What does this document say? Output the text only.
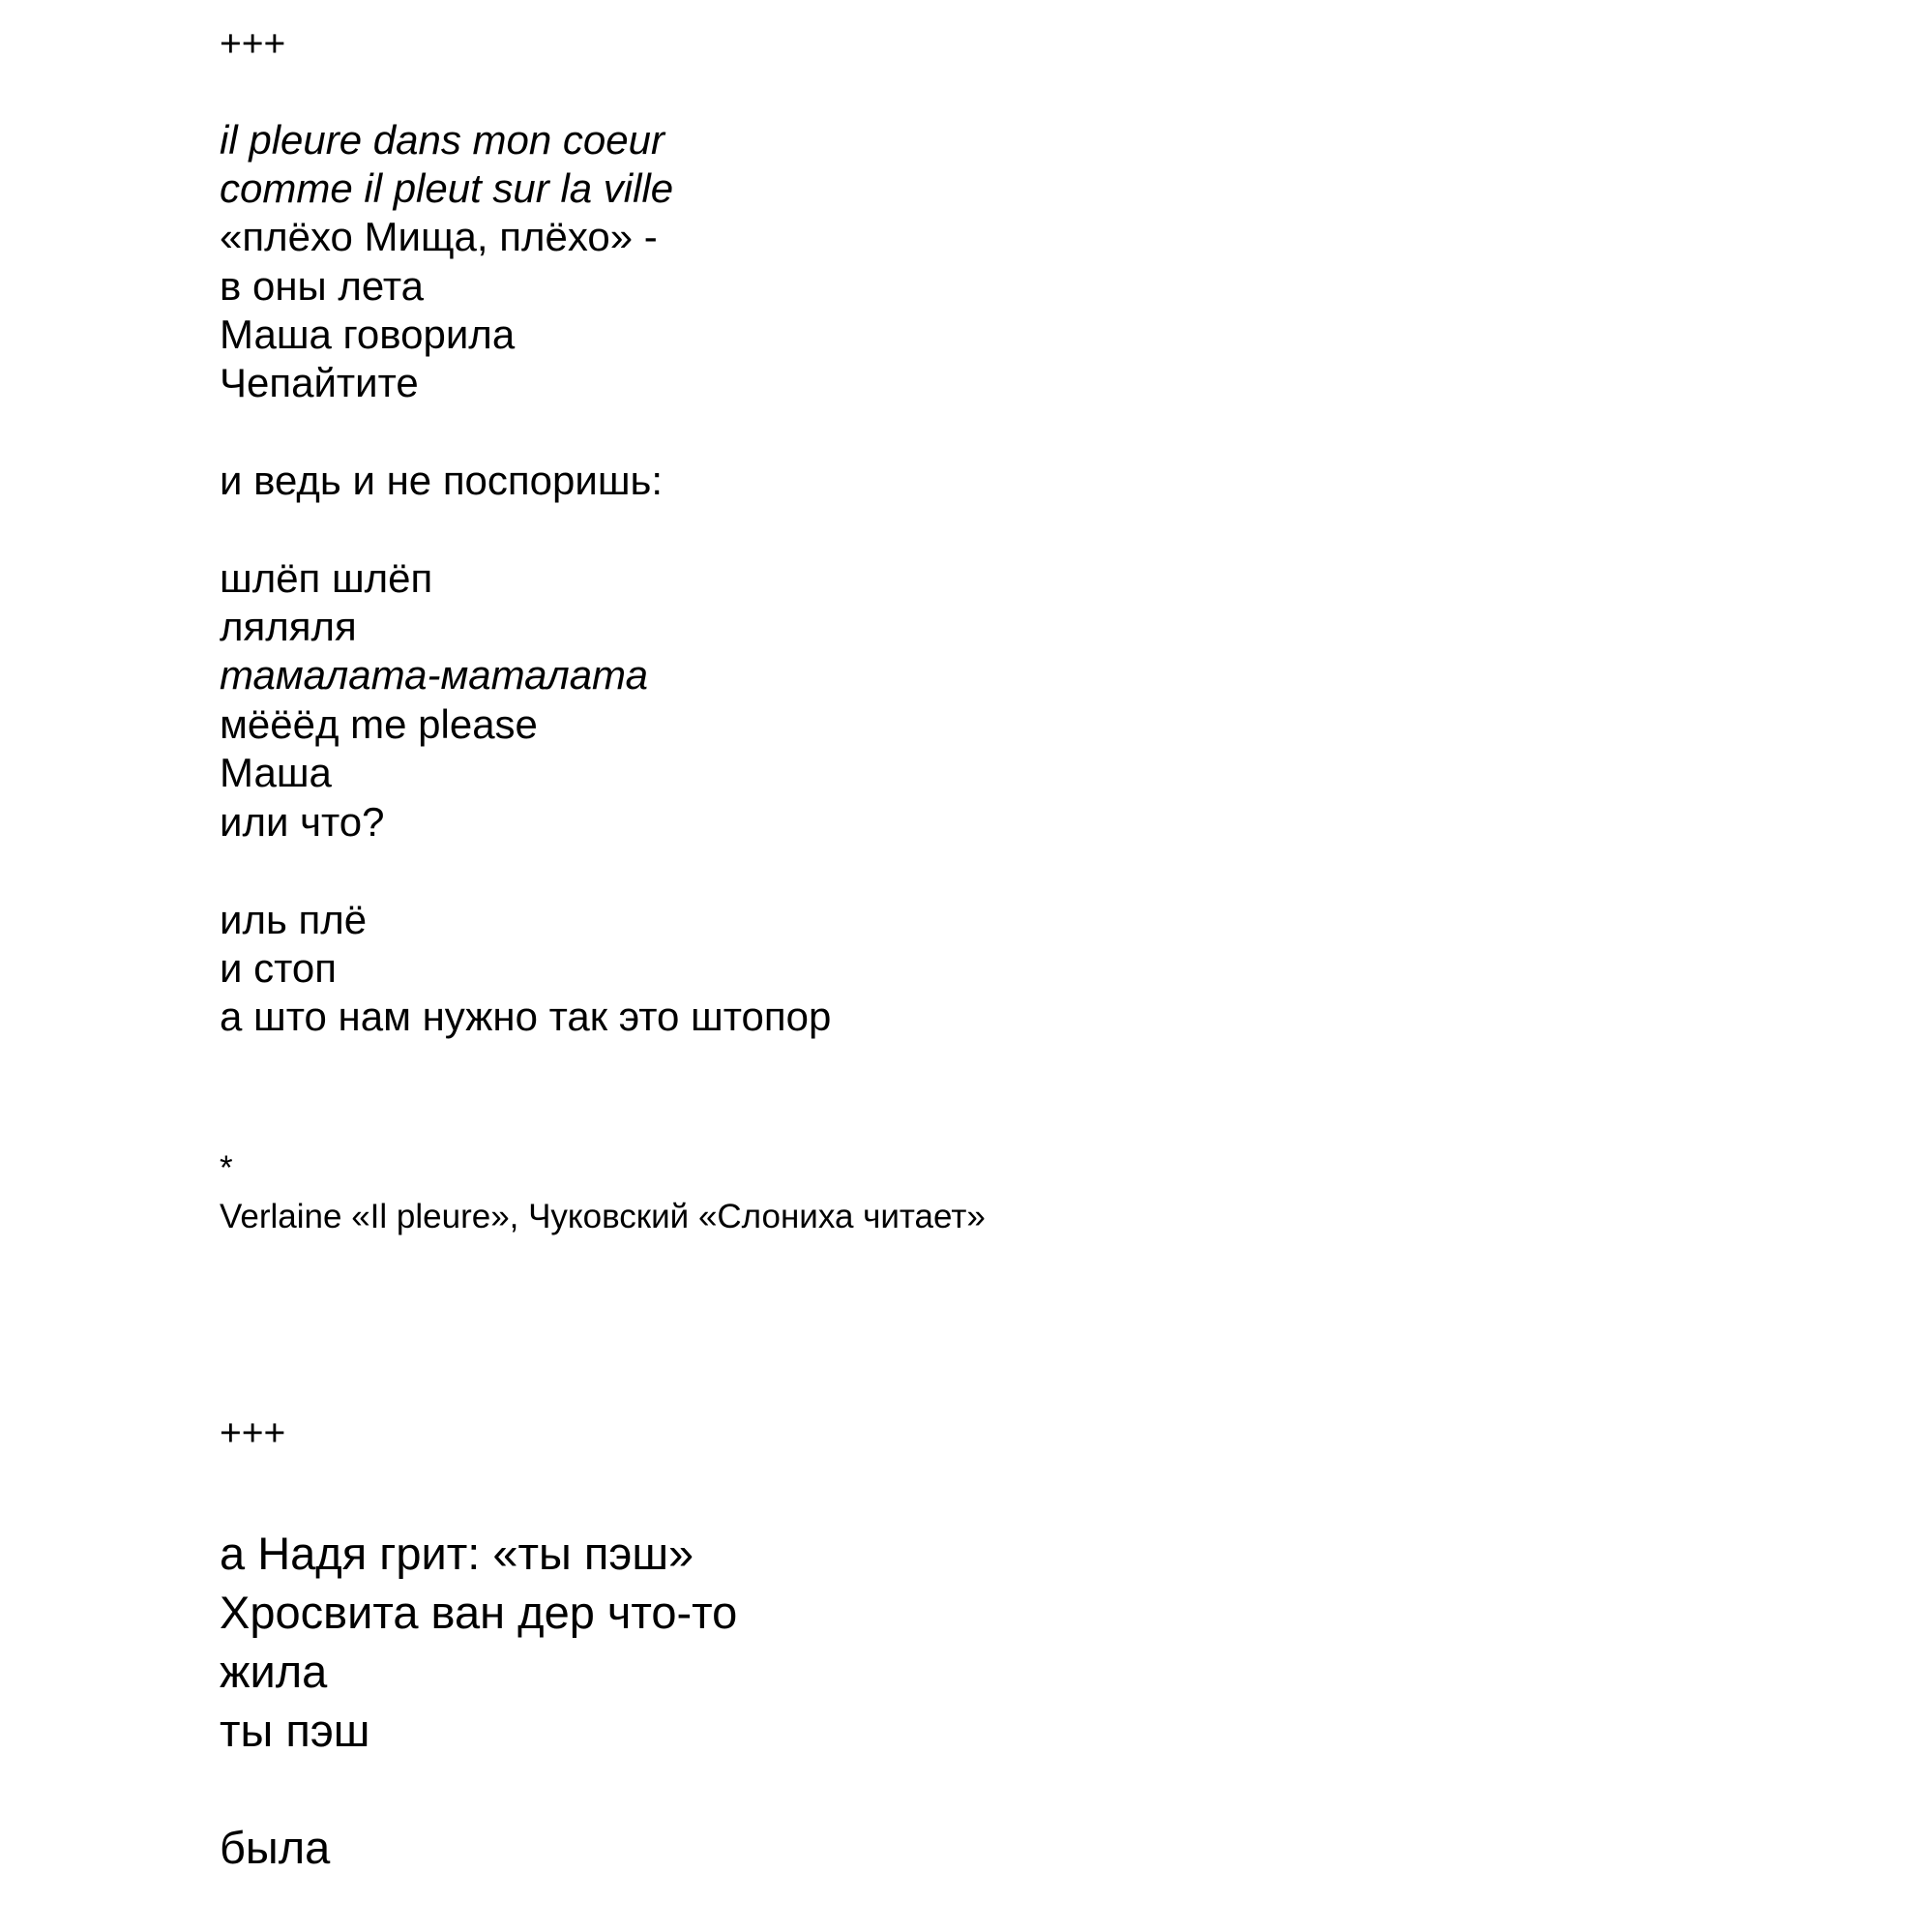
+++
il pleure dans mon coeur
comme il pleut sur la ville
«плёхо Мища, плёхо» -
в оны лета
Маша говорила
Чепайтите
и ведь и не поспоришь:
шлёп шлёп
ляляля
тамалата-маталата
мёёёд me please
Маша
или что?
иль плё
и стоп
а што нам нужно так это штопор
*
Verlaine «Il pleure», Чуковский «Слониха читает»
+++
а Надя грит: «ты пэш»
Хросвита ван дер что-то
жила
ты пэш
была
